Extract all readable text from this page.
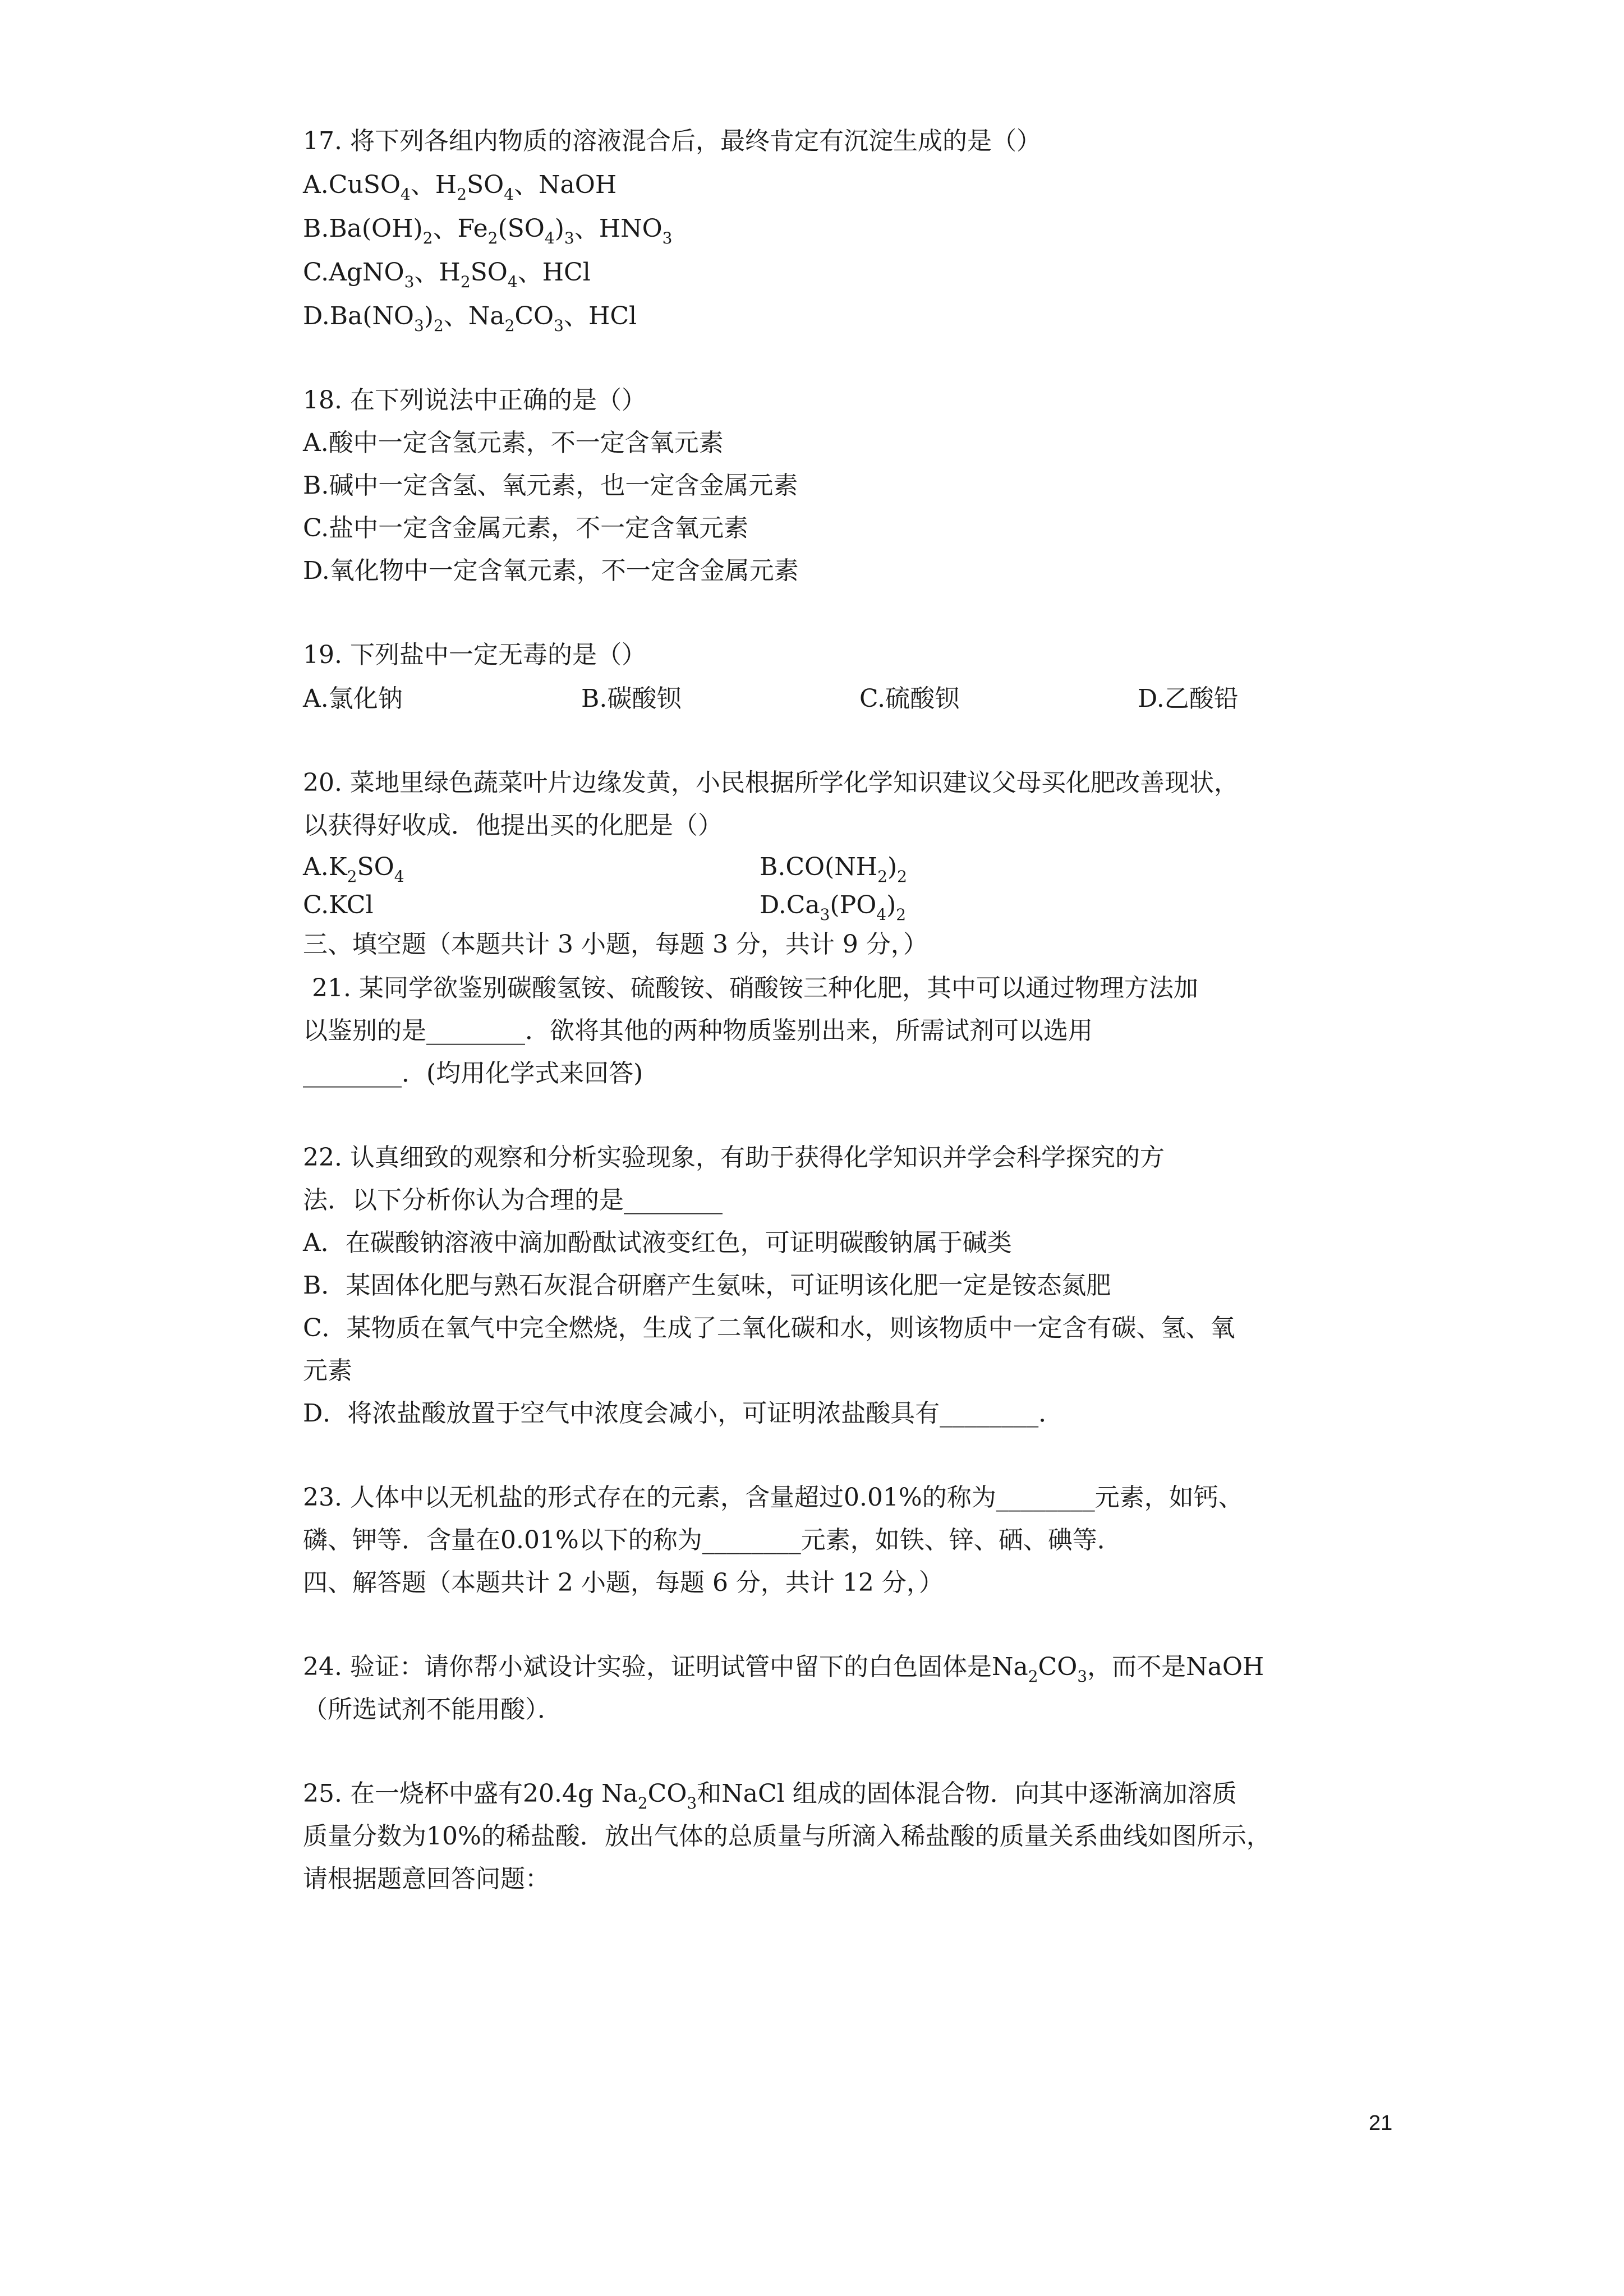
17. 将下列各组内物质的溶液混合后，最终肯定有沉淀生成的是（）
A.CuSO$_4$、$H_2SO_4$、NaOH
$B.Ba(OH)_2$、$Fe_2(SO_4)_3$、$HNO_3$
C.AgNO$_3$、$H_2SO_4$、HCl
$D.Ba(NO_3)_2$、$Na_2CO_3$、HCl
18. 在下列说法中正确的是（）
A.酸中一定含氢元素，不一定含氧元素
B.碱中一定含氢、氧元素，也一定含金属元素
C.盐中一定含金属元素，不一定含氧元素
D.氧化物中一定含氧元素，不一定含金属元素
19. 下列盐中一定无毒的是（）
A.氯化钠	B.碳酸钡	C.硫酸钡	D.乙酸铅
20. 菜地里绿色蔬菜叶片边缘发黄，小民根据所学化学知识建议父母买化肥改善现状，
以获得好收成．他提出买的化肥是（）
$A.K_2SO_4$	$B.CO(NH_2)_2$
C.KCl	$D.Ca_3(PO_4)_2$
三、填空题（本题共计 3 小题，每题 3 分，共计 9 分，）
21. 某同学欲鉴别碳酸氢铵、硫酸铵、硝酸铵三种化肥，其中可以通过物理方法加
以鉴别的是________．欲将其他的两种物质鉴别出来，所需试剂可以选用
________．(均用化学式来回答)
22. 认真细致的观察和分析实验现象，有助于获得化学知识并学会科学探究的方
法．以下分析你认为合理的是________
A．在碳酸钠溶液中滴加酚酞试液变红色，可证明碳酸钠属于碱类
B．某固体化肥与熟石灰混合研磨产生氨味，可证明该化肥一定是铵态氮肥
C．某物质在氧气中完全燃烧，生成了二氧化碳和水，则该物质中一定含有碳、氢、氧
元素
D．将浓盐酸放置于空气中浓度会减小，可证明浓盐酸具有________．
23. 人体中以无机盐的形式存在的元素，含量超过0.01%的称为________元素，如钙、
磷、钾等．含量在0.01%以下的称为________元素，如铁、锌、硒、碘等．
四、解答题（本题共计 2 小题，每题 6 分，共计 12 分，）
24. 验证：请你帮小斌设计实验，证明试管中留下的白色固体是$Na_2CO_3$，而不是NaOH
（所选试剂不能用酸）．
25. 在一烧杯中盛有20.4g $Na_2CO_3$和NaCl 组成的固体混合物．向其中逐渐滴加溶质
质量分数为10%的稀盐酸．放出气体的总质量与所滴入稀盐酸的质量关系曲线如图所示，
请根据题意回答问题：
21
